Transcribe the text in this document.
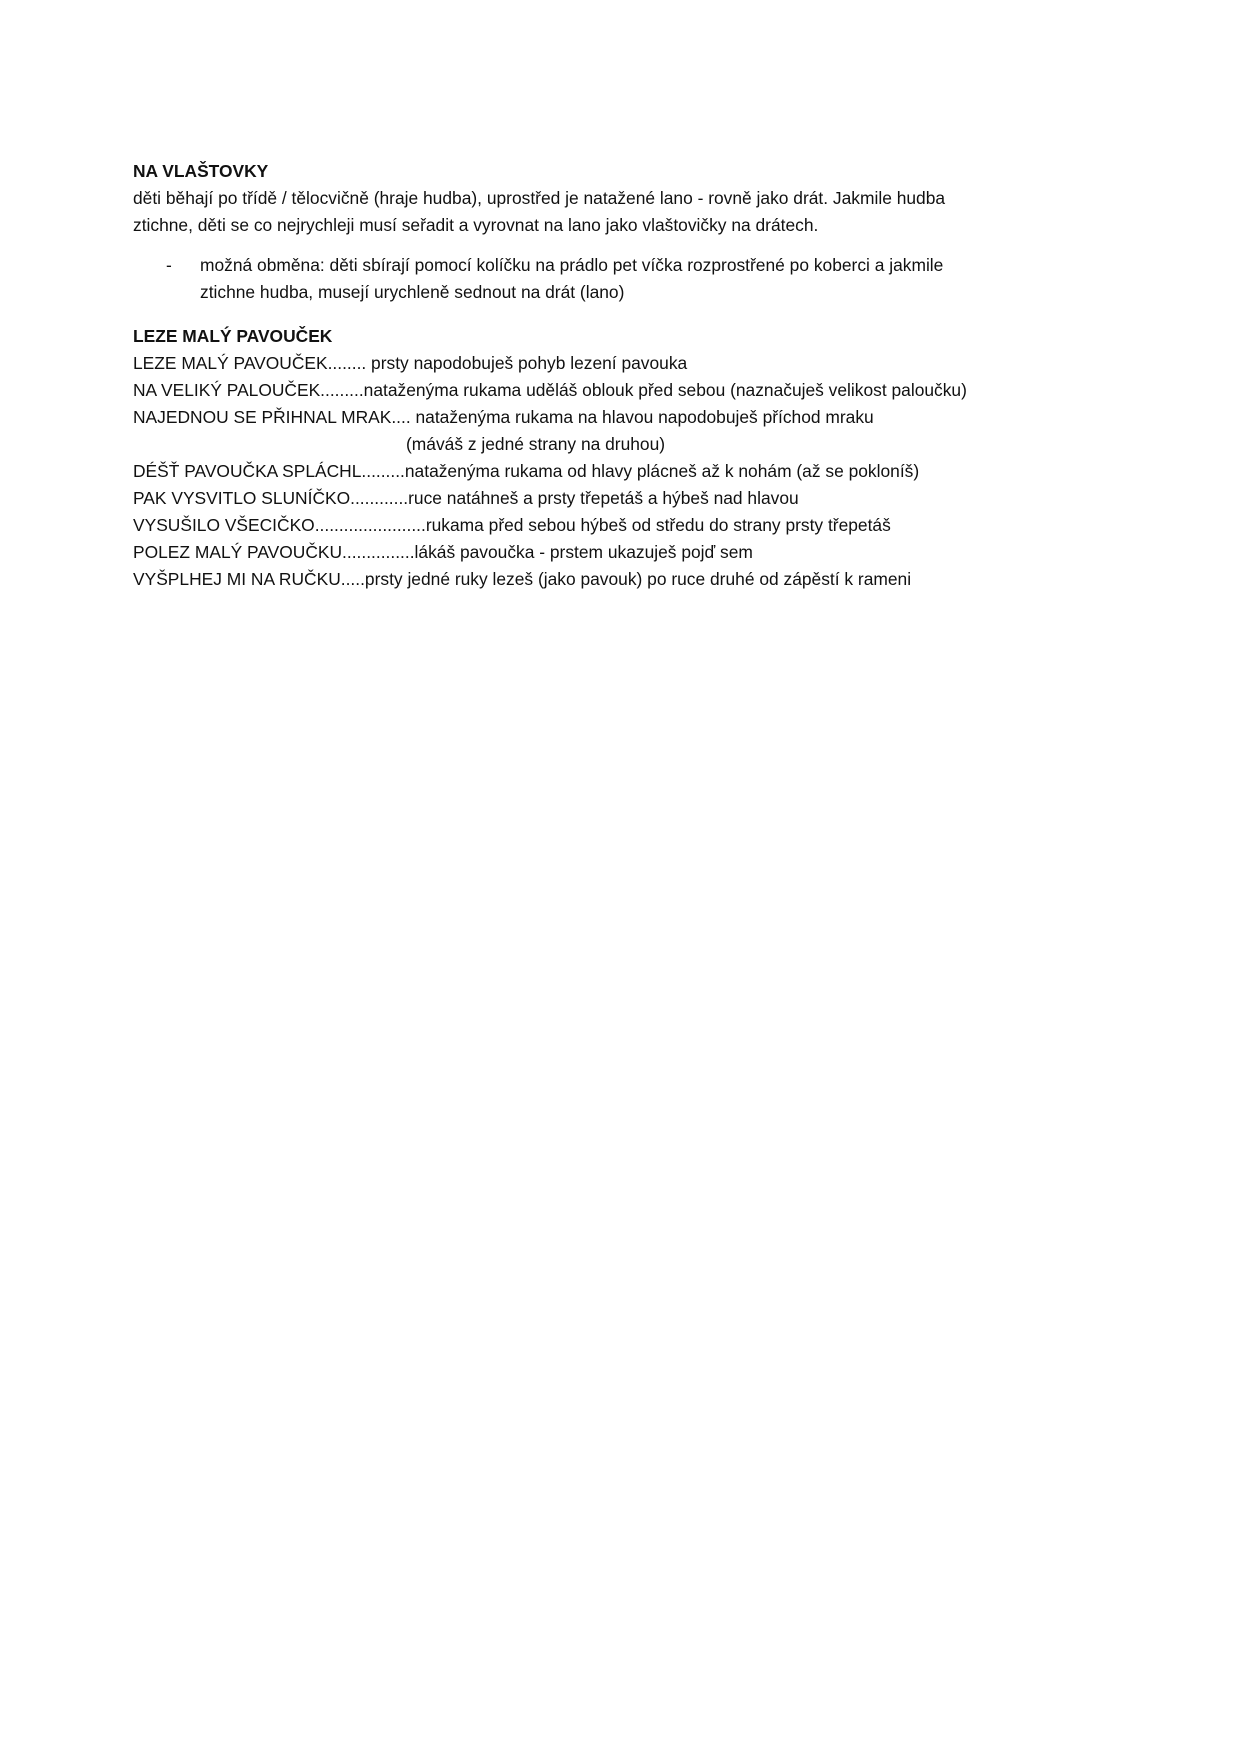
NA VLAŠTOVKY

děti běhají po třídě / tělocvičně (hraje hudba), uprostřed je natažené lano - rovně jako drát. Jakmile hudba ztichne, děti se co nejrychleji musí seřadit a vyrovnat na lano jako vlaštovičky na drátech.

- možná obměna: děti sbírají pomocí kolíčku na prádlo pet víčka rozprostřené po koberci a jakmile ztichne hudba, musejí urychleně sednout na drát (lano)

LEZE MALÝ PAVOUČEK

LEZE MALÝ PAVOUČEK........ prsty napodobuješ pohyb lezení pavouka

NA VELIKÝ PALOUČEK.........nataženýma rukama uděláš oblouk před sebou (naznačuješ velikost paloučku)

NAJEDNOU SE PŘIHNAL MRAK.... nataženýma rukama na hlavou napodobuješ příchod mraku

(máváš z jedné strany na druhou)

DÉŠŤ PAVOUČKA SPLÁCHL.........nataženýma rukama od hlavy plácneš až k nohám (až se pokloníš)

PAK VYSVITLO SLUNÍČKO............ruce natáhneš a prsty třepetáš a hýbeš nad hlavou

VYSUŠILO VŠECIČKO.......................rukama před sebou hýbeš od středu do strany prsty třepetáš

POLEZ MALÝ PAVOUČKU...............lákáš pavoučka - prstem ukazuješ pojď sem

VYŠPLHEJ MI NA RUČKU.....prsty jedné ruky lezeš (jako pavouk) po ruce druhé od zápěstí k rameni
